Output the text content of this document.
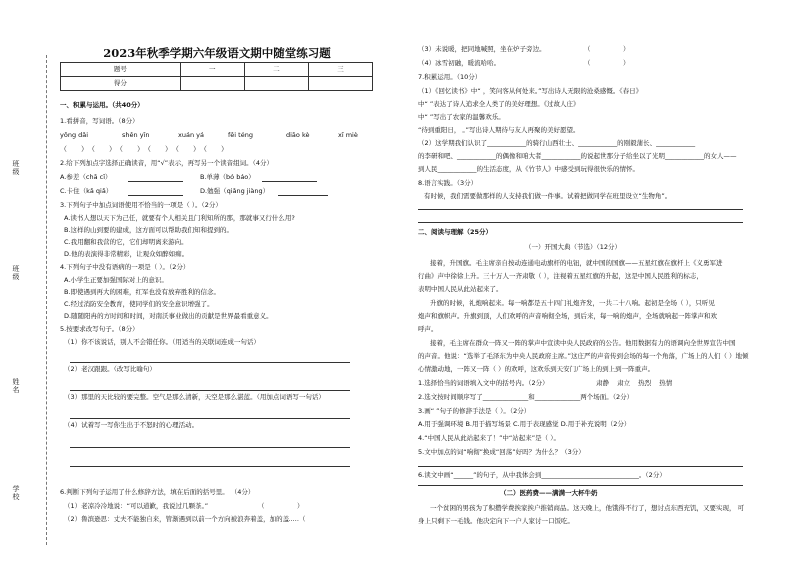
班级
班级
姓名
学校
2023年秋季学期六年级语文期中随堂练习题
题号	一	二	三
得分			
一、积累与运用。（共40分）
1.看拼音，写词语。（8分）
yōng dǎi	shěn yīn	xuán yá	fěi téng	diāo kè	xī miè
（　　）　（　　）　（　　）　（　　）　（　　）　（　　）
2.给下列加点字选择正确读音，用“√”表示，再写另一个读音组词。（4分）
A.参差（chā cī）	B.单薄（bó báo）
C.卡住（kǎ qiǎ）	D.勉强（qiǎng jiàng）
3.下列句子中加点词语使用不恰当的一项是（ ）。（2分）
A.读书人想以天下为己任，就要有个人相关且门利知所的那，那就事又行什么用?
B.这样的山到要的建成，这方面可以帮助我们知和提到的。
C.我用翻和我营的它，它们却明离来游向。
D.他的表演得非常精彩，让观众如醉如痴。
4.下列句子中没有语病的一项是（ ）。（2分）
A.小学生正要加强国际对上的意识。
B.即使遇到再大的困难，红军也没有放弃胜利的信念。
C.经过消防安全教育，使同学们的安全意识增强了。
D.随随阳冉的方时间和时间，对南沃事业做出的贡献是世界最看重意义。
5.按要求改写句子。（8分）
（1）你不该说话，别人不会错任你。（用适当的关联词连成一句话）
（2）老汉跟跟。（改写比喻句）
（3）那里的天比较的要完整。空气是那么清新，天空是那么湛蓝。（用加点词语写一句话）
（4）试着写一写你生出于不怒时的心理活动。
6.判断下列句子运用了什么修辞方法，填在后面的括号里。 （4分）
（1）老凉冷冷地说：“可以道歉，我说过几颗茶。”	（　　　　　）
（2）鲁滨逊思：丈夫不能独自来，管渐遇到以前一个方向被浪奔着盖，加的盖
……（
（3）未说暖，把同地喊照，坐在炉子旁边。	（　　　　　）
（4）冰雪初融，暖流哈哈。	（　　　　　）
7.积累运用。（10分）
（1）《回忆读书》中“ ，笑问客从何处来。”写出诗人无限的沧桑感慨。《春日》
中“ ”表达了诗人追求全人类了的美好理想。《过故人庄》
中“ ”写出了农家的温馨欢乐。
“待到重阳日， 。”写出诗人期待与友人再聚的美好愿望。
（2）这学期我们认识了____________的骑行山西壮士、____________的刚毅蒲长、____________
的李研和吧、____________的偶像和咱大者____________的说起世那分子给坐以了光明____________的女人——
到人民____________的生活态度，从《竹节人》中感受到玩得很快乐的情怀。
8.语言实践。（3分）
有时候，我们需要做那样的人支持我们做一件事。试着把做同学在班里设立“生物角”。
二、阅读与理解（25分）
（一）开国大典（节选）（12分）
接着，升国旗。毛主席亲自按动连通电动旗杆的电钮，就中国的国旗——五星红旗在旗杆上《义勇军进
行曲》声中徐徐上升。三十万人一齐肃敬（ ），注视着五星红旗的升起，这是中国人民胜利的标志，
表明中国人民从此站起来了。
升旗的时候，礼炮响起来。每一响都是五十四门礼炮齐发，一共二十八响。起初是全场（ ），只听见
炮声和旗帜声。升旗到顶，人们欢呼的声音响彻全场，到后来，每一响的炮声，全场就响起一阵掌声和欢
呼声。
接着，毛主席在群众一阵又一阵的掌声中宣读中央人民政府的公告。他用数据有力的语调向全世界宣告中国
的声音。他说：“选举了毛泽东为中央人民政府主席。”这庄严的声音传到会场的每一个角落，广场上的人们（ ）地倾
心情激动地，一阵又一阵（ ）的欢呼，这欢乐到天安门广场上的到上到一阵重声。
1.选择恰当的词语填入文中的括号内。（2分）	肃静 肃立 热烈 热情
2.选文按时间顺序写了______________和______________两个场面。（2分）
3.画“ ”句子的修辞手法是（ ）。（2分）
A.用于强调环境 B.用于描写场景 C.用于表现感觉 D.用于补充说明（2分）
4.“中国人民从此站起来了！”中“站起来”是（ ）。
5.文中加点的词“响彻”换成“回荡”好吗？为什么？（3分）
6.读文中画“______”的句子，从中我体会到______________________________。（2分）
（二）医药费——满满一大杯牛奶
一个贫困的男孩为了积攒学费挨家挨户推销商品。这天晚上，他饿得不行了，想讨点东西充饥，又要实现， 可
身上只剩下一毛钱。他决定向下一户人家讨一口饭吃。
